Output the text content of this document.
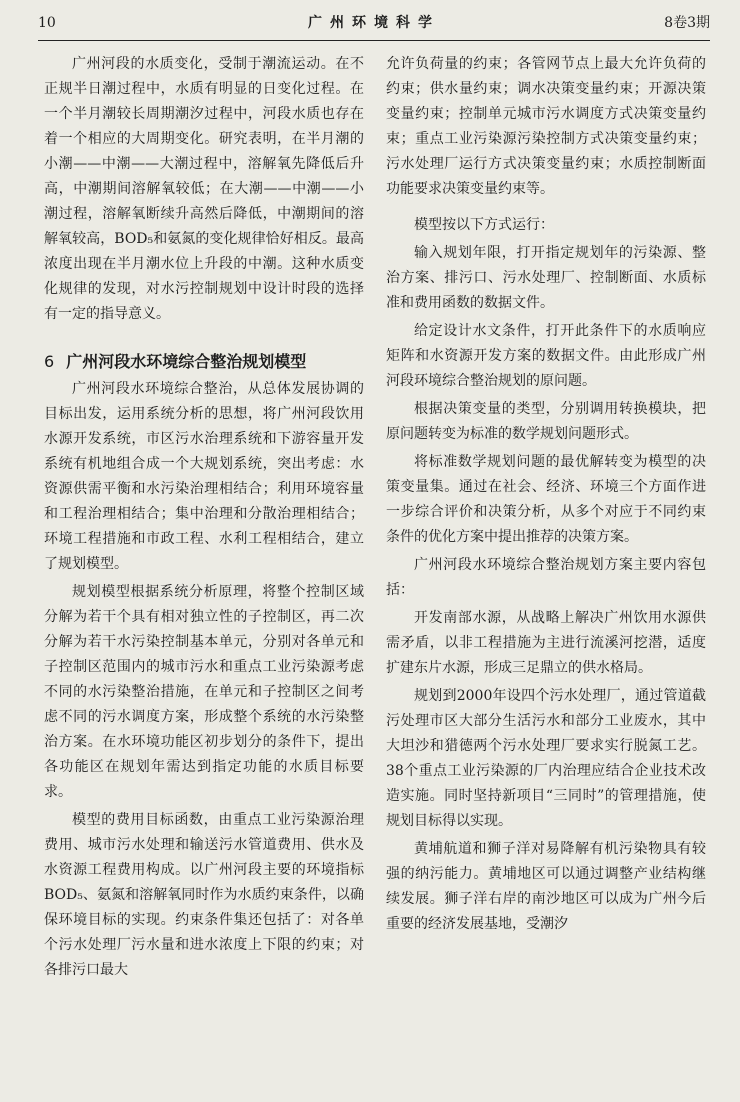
10	广州环境科学	8卷3期

广州河段的水质变化，受制于潮流运动。在不正规半日潮过程中，水质有明显的日变化过程。在一个半月潮较长周期潮汐过程中，河段水质也存在着一个相应的大周期变化。研究表明，在半月潮的小潮——中潮——大潮过程中，溶解氧先降低后升高，中潮期间溶解氧较低；在大潮——中潮——小潮过程，溶解氧断续升高然后降低，中潮期间的溶解氧较高，BOD₅和氨氮的变化规律恰好相反。最高浓度出现在半月潮水位上升段的中潮。这种水质变化规律的发现，对水污控制规划中设计时段的选择有一定的指导意义。

6 广州河段水环境综合整治规划模型

广州河段水环境综合整治，从总体发展协调的目标出发，运用系统分析的思想，将广州河段饮用水源开发系统，市区污水治理系统和下游容量开发系统有机地组合成一个大规划系统，突出考虑：水资源供需平衡和水污染治理相结合；利用环境容量和工程治理相结合；集中治理和分散治理相结合；环境工程措施和市政工程、水利工程相结合，建立了规划模型。

规划模型根据系统分析原理，将整个控制区域分解为若干个具有相对独立性的子控制区，再二次分解为若干水污染控制基本单元，分别对各单元和子控制区范围内的城市污水和重点工业污染源考虑不同的水污染整治措施，在单元和子控制区之间考虑不同的污水调度方案，形成整个系统的水污染整治方案。在水环境功能区初步划分的条件下，提出各功能区在规划年需达到指定功能的水质目标要求。

模型的费用目标函数，由重点工业污染源治理费用、城市污水处理和输送污水管道费用、供水及水资源工程费用构成。以广州河段主要的环境指标BOD₅、氨氮和溶解氧同时作为水质约束条件，以确保环境目标的实现。约束条件集还包括了：对各单个污水处理厂污水量和进水浓度上下限的约束；对各排污口最大

允许负荷量的约束；各管网节点上最大允许负荷的约束；供水量约束；调水决策变量约束；开源决策变量约束；控制单元城市污水调度方式决策变量约束；重点工业污染源污染控制方式决策变量约束；污水处理厂运行方式决策变量约束；水质控制断面功能要求决策变量约束等。

模型按以下方式运行：

输入规划年限，打开指定规划年的污染源、整治方案、排污口、污水处理厂、控制断面、水质标准和费用函数的数据文件。

给定设计水文条件，打开此条件下的水质响应矩阵和水资源开发方案的数据文件。由此形成广州河段环境综合整治规划的原问题。

根据决策变量的类型，分别调用转换模块，把原问题转变为标准的数学规划问题形式。

将标准数学规划问题的最优解转变为模型的决策变量集。通过在社会、经济、环境三个方面作进一步综合评价和决策分析，从多个对应于不同约束条件的优化方案中提出推荐的决策方案。

广州河段水环境综合整治规划方案主要内容包括：

开发南部水源，从战略上解决广州饮用水源供需矛盾，以非工程措施为主进行流溪河挖潜，适度扩建东片水源，形成三足鼎立的供水格局。

规划到2000年设四个污水处理厂，通过管道截污处理市区大部分生活污水和部分工业废水，其中大坦沙和猎德两个污水处理厂要求实行脱氮工艺。38个重点工业污染源的厂内治理应结合企业技术改造实施。同时坚持新项目“三同时”的管理措施，使规划目标得以实现。

黄埔航道和狮子洋对易降解有机污染物具有较强的纳污能力。黄埔地区可以通过调整产业结构继续发展。狮子洋右岸的南沙地区可以成为广州今后重要的经济发展基地，受潮汐
